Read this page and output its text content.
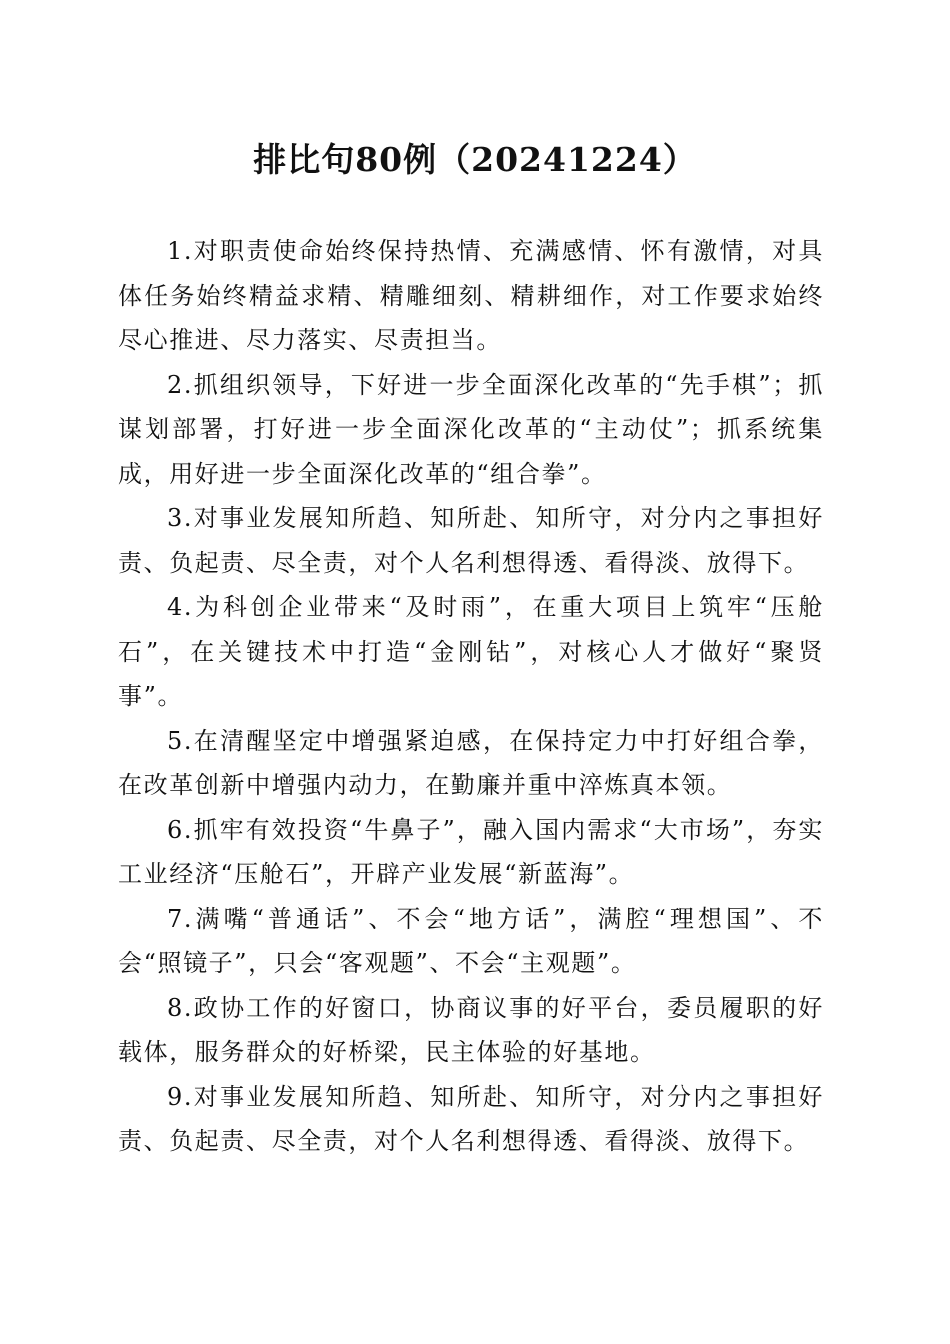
排比句80例（20241224）

1.对职责使命始终保持热情、充满感情、怀有激情，对具体任务始终精益求精、精雕细刻、精耕细作，对工作要求始终尽心推进、尽力落实、尽责担当。

2.抓组织领导，下好进一步全面深化改革的“先手棋”；抓谋划部署，打好进一步全面深化改革的“主动仗”；抓系统集成，用好进一步全面深化改革的“组合拳”。

3.对事业发展知所趋、知所赴、知所守，对分内之事担好责、负起责、尽全责，对个人名利想得透、看得淡、放得下。

4.为科创企业带来“及时雨”，在重大项目上筑牢“压舱石”，在关键技术中打造“金刚钻”，对核心人才做好“聚贤事”。

5.在清醒坚定中增强紧迫感，在保持定力中打好组合拳，在改革创新中增强内动力，在勤廉并重中淬炼真本领。

6.抓牢有效投资“牛鼻子”，融入国内需求“大市场”，夯实工业经济“压舱石”，开辟产业发展“新蓝海”。

7.满嘴“普通话”、不会“地方话”，满腔“理想国”、不会“照镜子”，只会“客观题”、不会“主观题”。

8.政协工作的好窗口，协商议事的好平台，委员履职的好载体，服务群众的好桥梁，民主体验的好基地。

9.对事业发展知所趋、知所赴、知所守，对分内之事担好责、负起责、尽全责，对个人名利想得透、看得淡、放得下。
